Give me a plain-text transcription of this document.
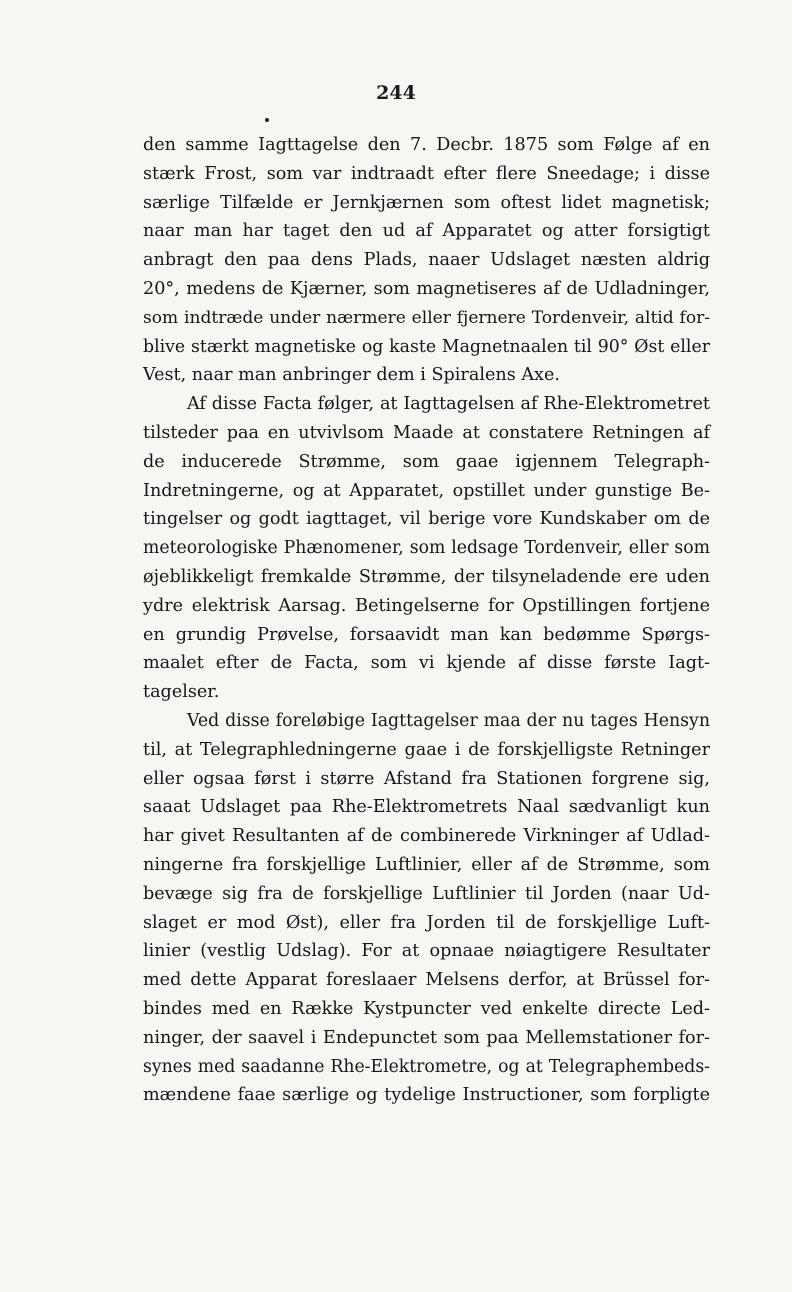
244

den samme Iagttagelse den 7. Decbr. 1875 som Følge af en
stærk Frost, som var indtraadt efter flere Sneedage; i disse
særlige Tilfælde er Jernkjærnen som oftest lidet magnetisk;
naar man har taget den ud af Apparatet og atter forsigtigt
anbragt den paa dens Plads, naaer Udslaget næsten aldrig
20°, medens de Kjærner, som magnetiseres af de Udladninger,
som indtræde under nærmere eller fjernere Tordenveir, altid for-
blive stærkt magnetiske og kaste Magnetnaalen til 90° Øst eller
Vest, naar man anbringer dem i Spiralens Axe.

Af disse Facta følger, at Iagttagelsen af Rhe-Elektrometret
tilsteder paa en utvivlsom Maade at constatere Retningen af
de inducerede Strømme, som gaae igjennem Telegraph-
Indretningerne, og at Apparatet, opstillet under gunstige Be-
tingelser og godt iagttaget, vil berige vore Kundskaber om de
meteorologiske Phænomener, som ledsage Tordenveir, eller som
øjeblikkeligt fremkalde Strømme, der tilsyneladende ere uden
ydre elektrisk Aarsag. Betingelserne for Opstillingen fortjene
en grundig Prøvelse, forsaavidt man kan bedømme Spørgs-
maalet efter de Facta, som vi kjende af disse første Iagt-
tagelser.

Ved disse foreløbige Iagttagelser maa der nu tages Hensyn
til, at Telegraphledningerne gaae i de forskjelligste Retninger
eller ogsaa først i større Afstand fra Stationen forgrene sig,
saaat Udslaget paa Rhe-Elektrometrets Naal sædvanligt kun
har givet Resultanten af de combinerede Virkninger af Udlad-
ningerne fra forskjellige Luftlinier, eller af de Strømme, som
bevæge sig fra de forskjellige Luftlinier til Jorden (naar Ud-
slaget er mod Øst), eller fra Jorden til de forskjellige Luft-
linier (vestlig Udslag). For at opnaae nøiagtigere Resultater
med dette Apparat foreslaaer Melsens derfor, at Brüssel for-
bindes med en Række Kystpuncter ved enkelte directe Led-
ninger, der saavel i Endepunctet som paa Mellemstationer for-
synes med saadanne Rhe-Elektrometre, og at Telegraphembeds-
mændene faae særlige og tydelige Instructioner, som forpligte
